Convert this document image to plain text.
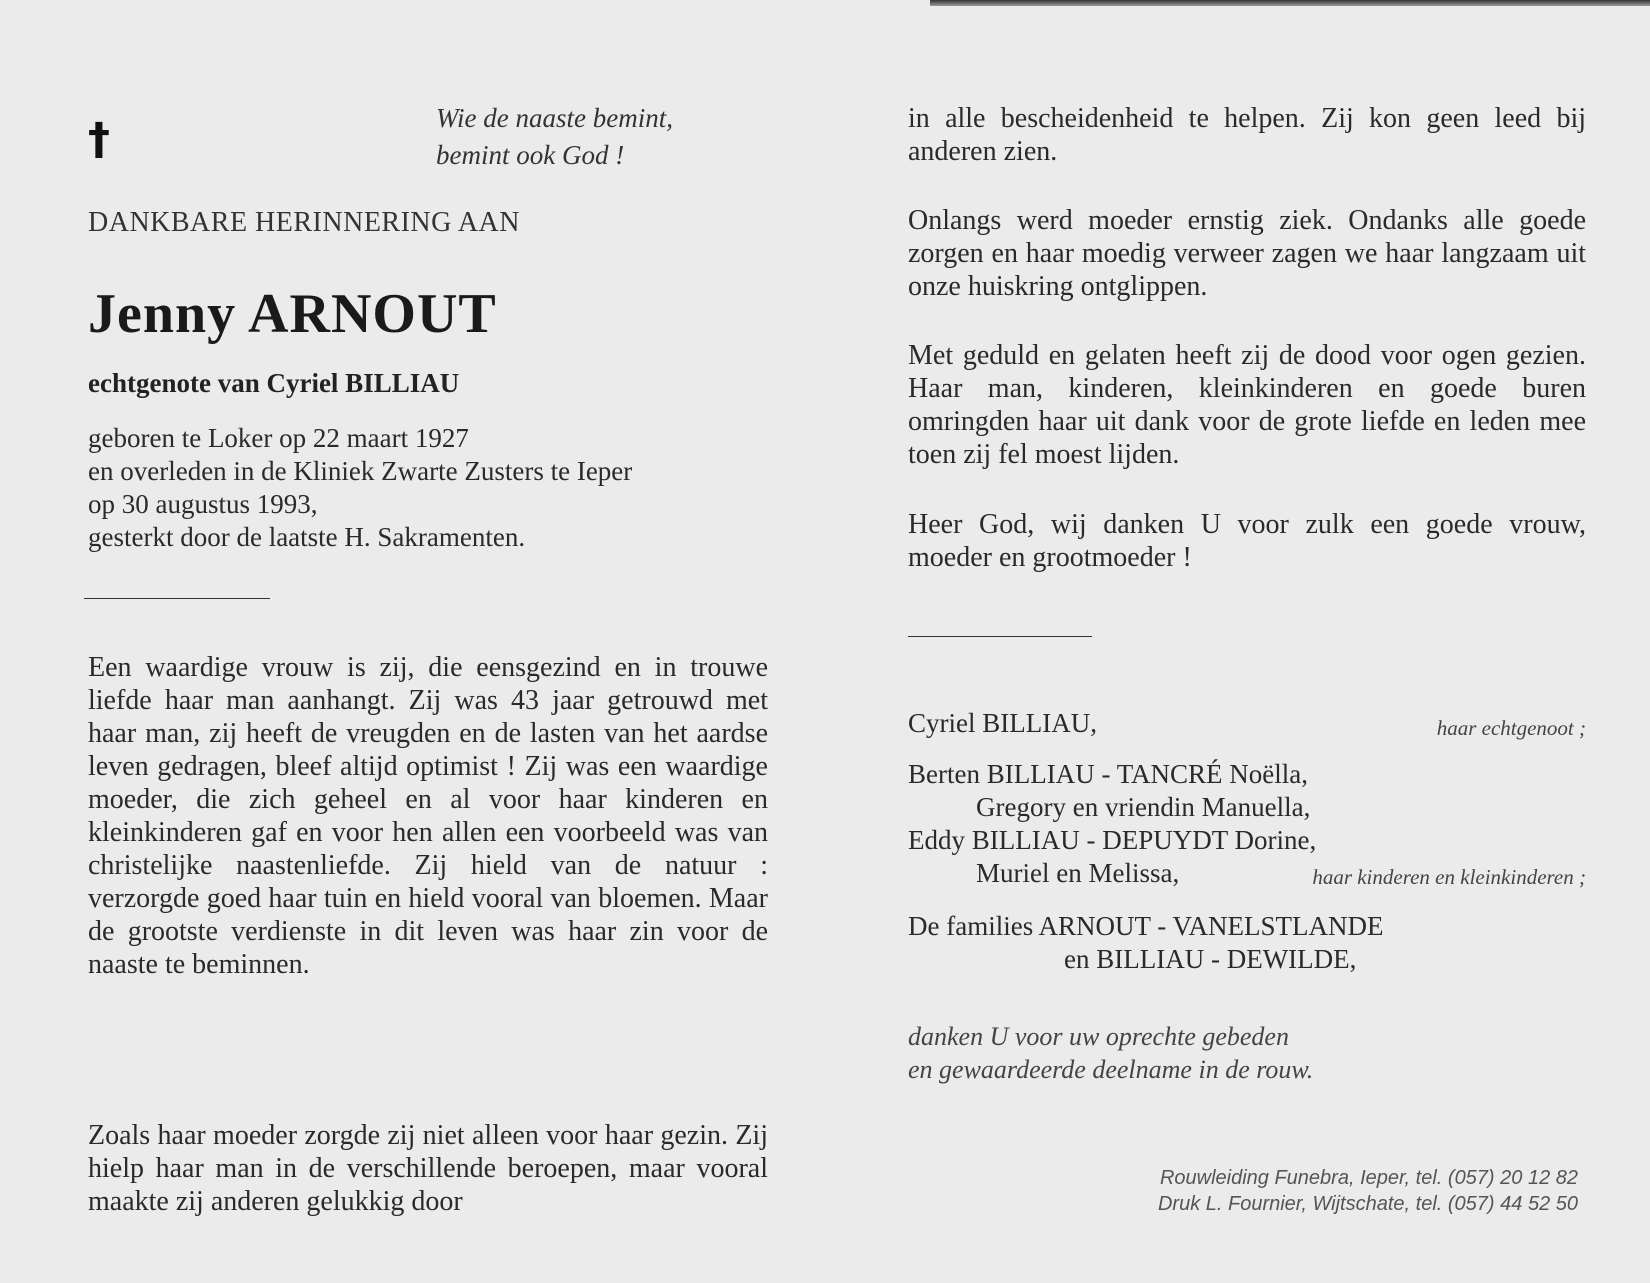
†	Wie de naaste bemint,
bemint ook God !
DANKBARE HERINNERING AAN
Jenny ARNOUT
echtgenote van Cyriel BILLIAU
geboren te Loker op 22 maart 1927
en overleden in de Kliniek Zwarte Zusters te Ieper
op 30 augustus 1993,
gesterkt door de laatste H. Sakramenten.
Een waardige vrouw is zij, die eensgezind en in trouwe liefde haar man aanhangt. Zij was 43 jaar getrouwd met haar man, zij heeft de vreugden en de lasten van het aardse leven gedragen, bleef altijd optimist ! Zij was een waardige moeder, die zich geheel en al voor haar kinderen en kleinkinderen gaf en voor hen allen een voorbeeld was van christelijke naastenliefde. Zij hield van de natuur : verzorgde goed haar tuin en hield vooral van bloemen. Maar de grootste verdienste in dit leven was haar zin voor de naaste te beminnen.
Zoals haar moeder zorgde zij niet alleen voor haar gezin. Zij hielp haar man in de verschillende beroepen, maar vooral maakte zij anderen gelukkig door
in alle bescheidenheid te helpen. Zij kon geen leed bij anderen zien.
Onlangs werd moeder ernstig ziek. Ondanks alle goede zorgen en haar moedig verweer zagen we haar langzaam uit onze huiskring ontglippen.
Met geduld en gelaten heeft zij de dood voor ogen gezien. Haar man, kinderen, kleinkinderen en goede buren omringden haar uit dank voor de grote liefde en leden mee toen zij fel moest lijden.
Heer God, wij danken U voor zulk een goede vrouw, moeder en grootmoeder !
Cyriel BILLIAU,	haar echtgenoot ;
Berten BILLIAU - TANCRÉ Noëlla,
Gregory en vriendin Manuella,
Eddy BILLIAU - DEPUYDT Dorine,
Muriel en Melissa,	haar kinderen en kleinkinderen ;
De families ARNOUT - VANELSTLANDE
en BILLIAU - DEWILDE,
danken U voor uw oprechte gebeden
en gewaardeerde deelname in de rouw.
Rouwleiding Funebra, Ieper, tel. (057) 20 12 82
Druk L. Fournier, Wijtschate, tel. (057) 44 52 50
